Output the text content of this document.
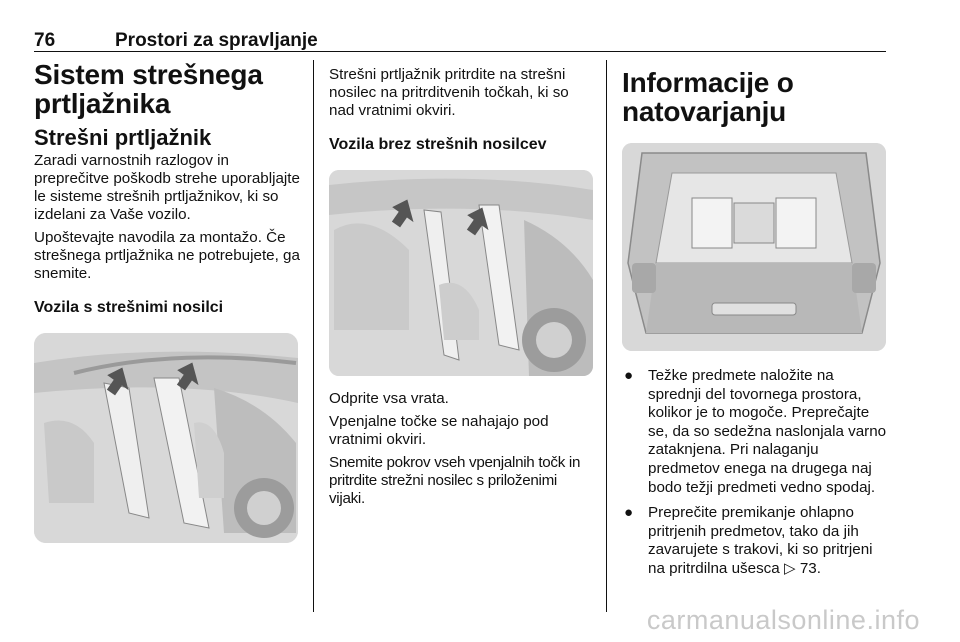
76	Prostori za spravljanje
Sistem strešnega prtljažnika
Strešni prtljažnik

Zaradi varnostnih razlogov in preprečitve poškodb strehe uporabljajte le sisteme strešnih prtljažnikov, ki so izdelani za Vaše vozilo.

Upoštevajte navodila za montažo. Če strešnega prtljažnika ne potrebujete, ga snemite.

Vozila s strešnimi nosilci

Strešni prtljažnik pritrdite na strešni nosilec na pritrditvenih točkah, ki so nad vratnimi okviri.

Vozila brez strešnih nosilcev

Odprite vsa vrata.

Vpenjalne točke se nahajajo pod vratnimi okviri.

Snemite pokrov vseh vpenjalnih točk in pritrdite strežni nosilec s priloženimi vijaki.

Informacije o natovarjanju
● Težke predmete naložite na sprednji del tovornega prostora, kolikor je to mogoče. Preprečajte se, da so sedežna naslonjala varno zataknjena. Pri nalaganju predmetov enega na drugega naj bodo težji predmeti vedno spodaj.
● Preprečite premikanje ohlapno pritrjenih predmetov, tako da jih zavarujete s trakovi, ki so pritrjeni na pritrdilna ušesca ▷ 73.
carmanualsonline.info
